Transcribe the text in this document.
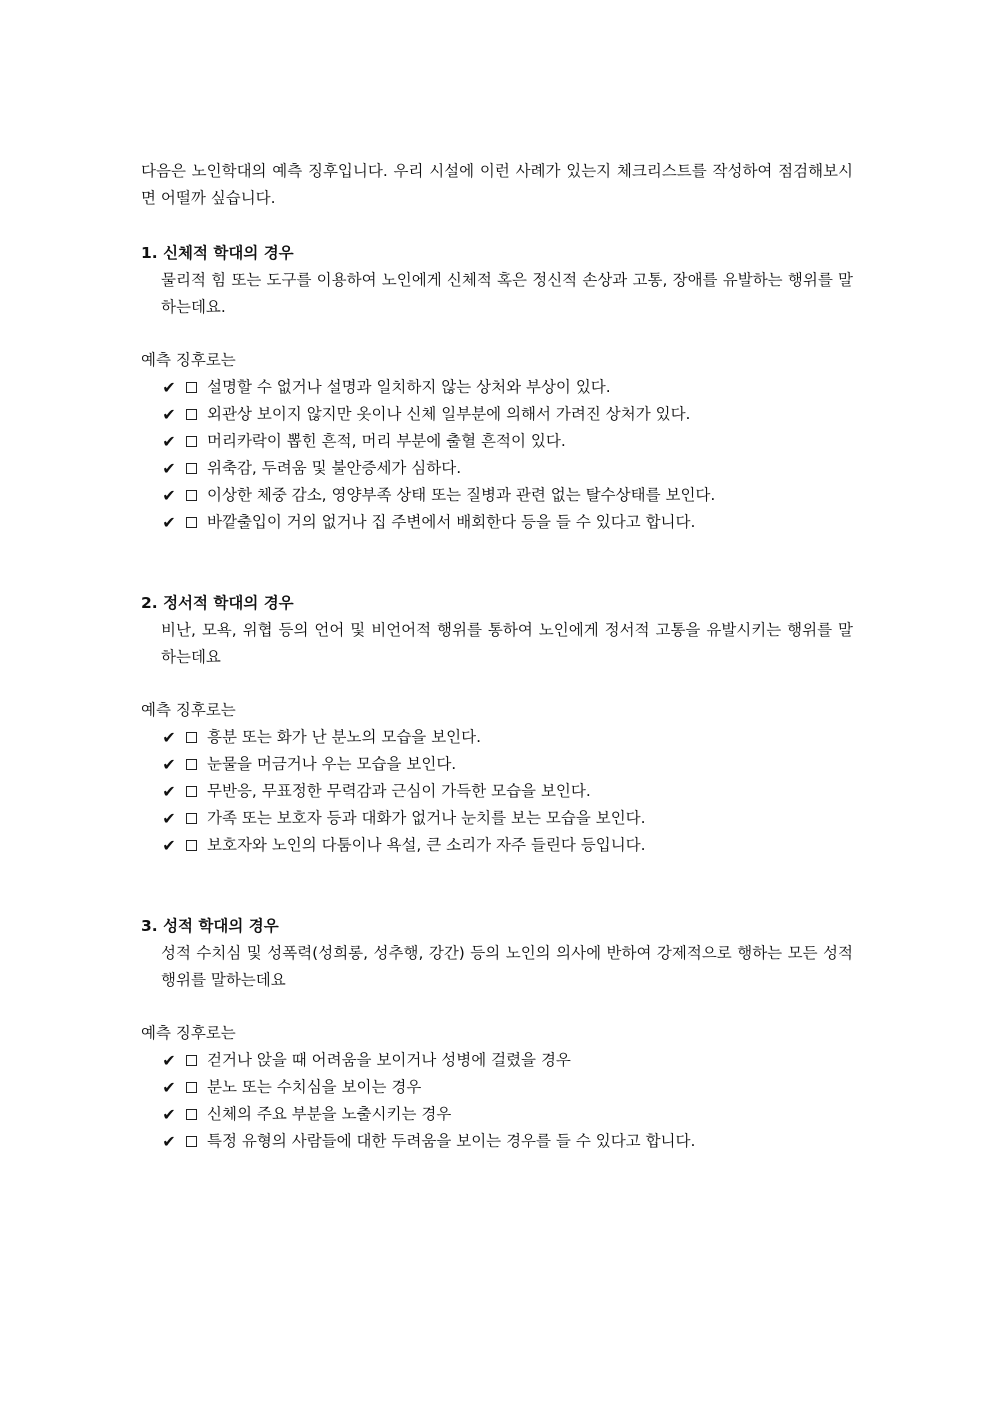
다음은 노인학대의 예측 징후입니다. 우리 시설에 이런 사례가 있는지 체크리스트를 작성하여 점검해보시면 어떨까 싶습니다.

1. 신체적 학대의 경우

물리적 힘 또는 도구를 이용하여 노인에게 신체적 혹은 정신적 손상과 고통, 장애를 유발하는 행위를 말하는데요.

예측 징후로는

✔ 설명할 수 없거나 설명과 일치하지 않는 상처와 부상이 있다.
✔ 외관상 보이지 않지만 옷이나 신체 일부분에 의해서 가려진 상처가 있다.
✔ 머리카락이 뽑힌 흔적, 머리 부분에 출혈 흔적이 있다.
✔ 위축감, 두려움 및 불안증세가 심하다.
✔ 이상한 체중 감소, 영양부족 상태 또는 질병과 관련 없는 탈수상태를 보인다.
✔ 바깥출입이 거의 없거나 집 주변에서 배회한다 등을 들 수 있다고 합니다.

2. 정서적 학대의 경우

비난, 모욕, 위협 등의 언어 및 비언어적 행위를 통하여 노인에게 정서적 고통을 유발시키는 행위를 말하는데요

예측 징후로는

✔ 흥분 또는 화가 난 분노의 모습을 보인다.
✔ 눈물을 머금거나 우는 모습을 보인다.
✔ 무반응, 무표정한 무력감과 근심이 가득한 모습을 보인다.
✔ 가족 또는 보호자 등과 대화가 없거나 눈치를 보는 모습을 보인다.
✔ 보호자와 노인의 다툼이나 욕설, 큰 소리가 자주 들린다 등입니다.

3. 성적 학대의 경우

성적 수치심 및 성폭력(성희롱, 성추행, 강간) 등의 노인의 의사에 반하여 강제적으로 행하는 모든 성적 행위를 말하는데요

예측 징후로는

✔ 걷거나 앉을 때 어려움을 보이거나 성병에 걸렸을 경우
✔ 분노 또는 수치심을 보이는 경우
✔ 신체의 주요 부분을 노출시키는 경우
✔ 특정 유형의 사람들에 대한 두려움을 보이는 경우를 들 수 있다고 합니다.
